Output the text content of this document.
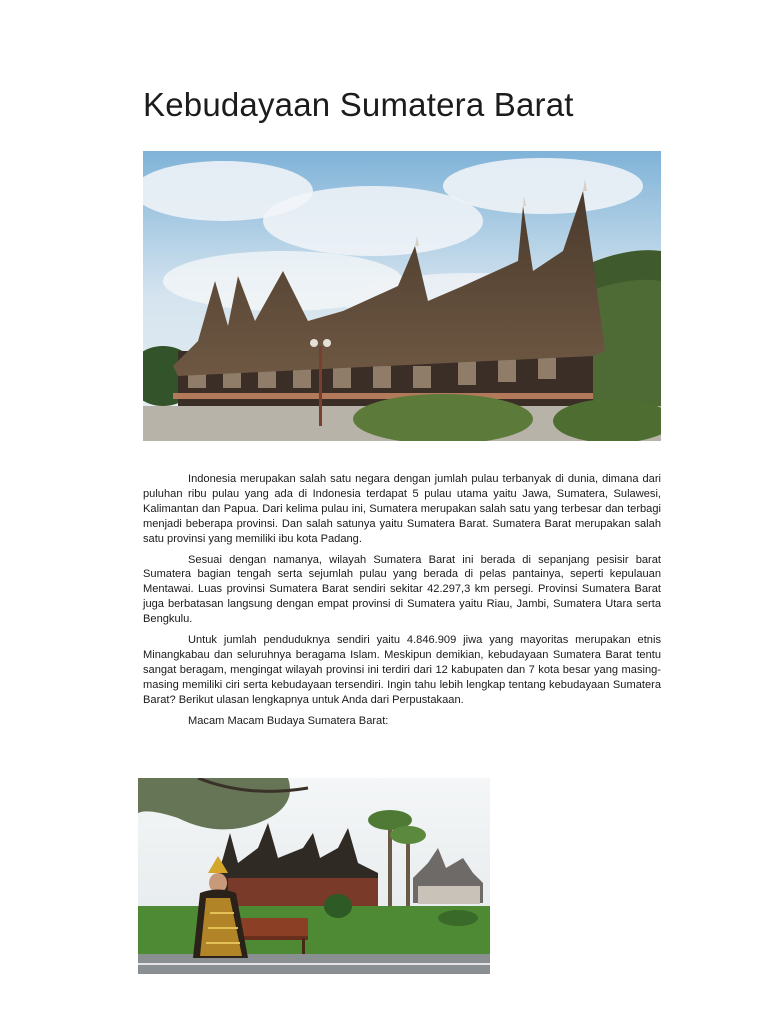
Kebudayaan Sumatera Barat

Indonesia merupakan salah satu negara dengan jumlah pulau terbanyak di dunia, dimana dari puluhan ribu pulau yang ada di Indonesia terdapat 5 pulau utama yaitu Jawa, Sumatera, Sulawesi, Kalimantan dan Papua. Dari kelima pulau ini, Sumatera merupakan salah satu yang terbesar dan terbagi menjadi beberapa provinsi. Dan salah satunya yaitu Sumatera Barat. Sumatera Barat merupakan salah satu provinsi yang memiliki ibu kota Padang.

Sesuai dengan namanya, wilayah Sumatera Barat ini berada di sepanjang pesisir barat Sumatera bagian tengah serta sejumlah pulau yang berada di pelas pantainya, seperti kepulauan Mentawai. Luas provinsi Sumatera Barat sendiri sekitar 42.297,3 km persegi. Provinsi Sumatera Barat juga berbatasan langsung dengan empat provinsi di Sumatera yaitu Riau, Jambi, Sumatera Utara serta Bengkulu.

Untuk jumlah penduduknya sendiri yaitu 4.846.909 jiwa yang mayoritas merupakan etnis Minangkabau dan seluruhnya beragama Islam. Meskipun demikian, kebudayaan Sumatera Barat tentu sangat beragam, mengingat wilayah provinsi ini terdiri dari 12 kabupaten dan 7 kota besar yang masing-masing memiliki ciri serta kebudayaan tersendiri. Ingin tahu lebih lengkap tentang kebudayaan Sumatera Barat? Berikut ulasan lengkapnya untuk Anda dari Perpustakaan.

Macam Macam Budaya Sumatera Barat:
